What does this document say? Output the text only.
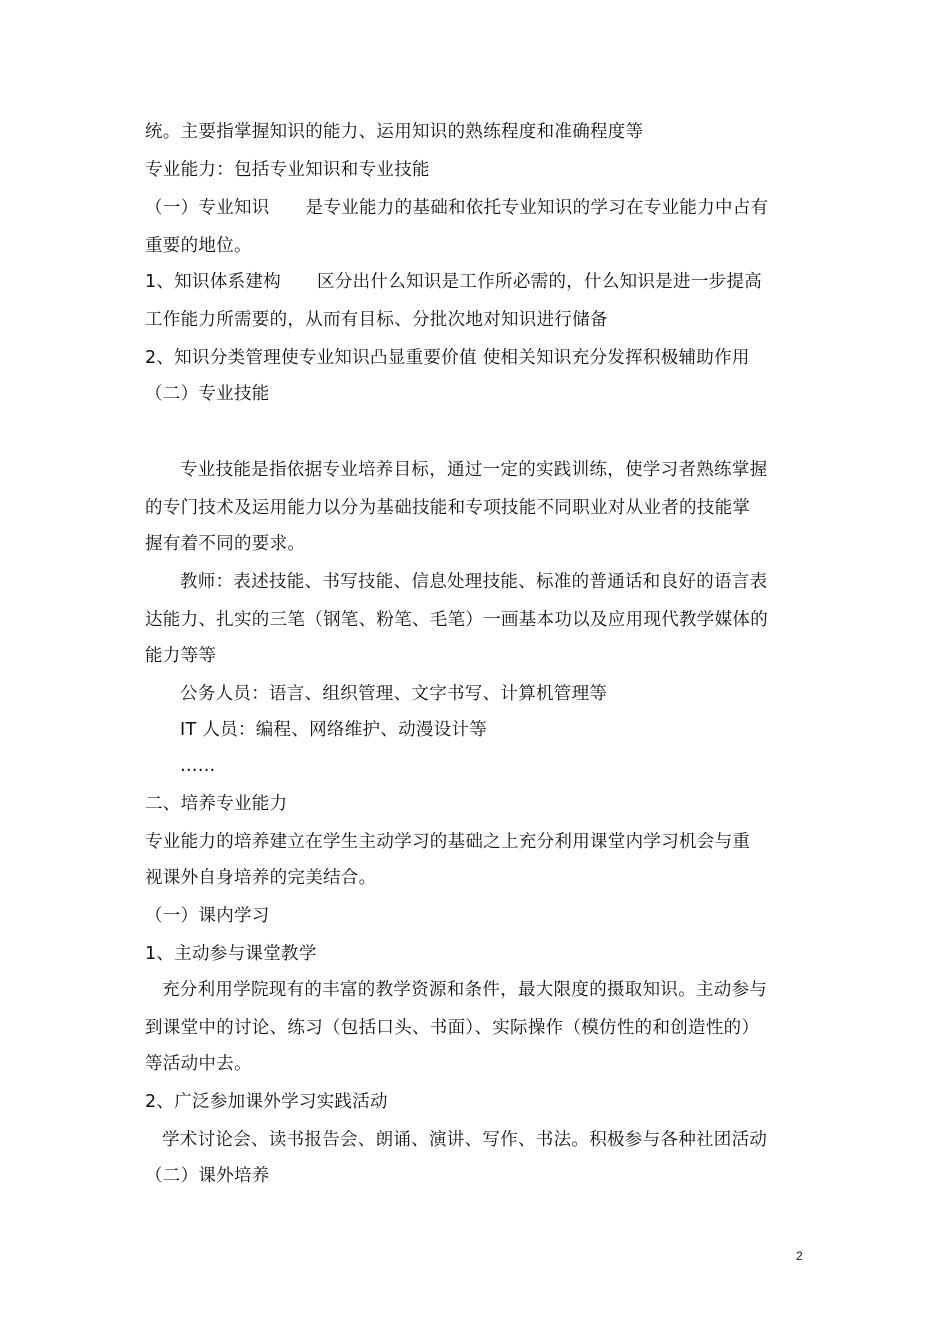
统。主要指掌握知识的能力、运用知识的熟练程度和准确程度等
专业能力：包括专业知识和专业技能
（一）专业知识 是专业能力的基础和依托专业知识的学习在专业能力中占有
重要的地位。
1、知识体系建构 区分出什么知识是工作所必需的，什么知识是进一步提高
工作能力所需要的，从而有目标、分批次地对知识进行储备
2、知识分类管理使专业知识凸显重要价值 使相关知识充分发挥积极辅助作用
（二）专业技能
专业技能是指依据专业培养目标，通过一定的实践训练，使学习者熟练掌握
的专门技术及运用能力以分为基础技能和专项技能不同职业对从业者的技能掌
握有着不同的要求。
教师：表述技能、书写技能、信息处理技能、标准的普通话和良好的语言表
达能力、扎实的三笔（钢笔、粉笔、毛笔）一画基本功以及应用现代教学媒体的
能力等等
公务人员：语言、组织管理、文字书写、计算机管理等
IT 人员：编程、网络维护、动漫设计等
……
二、培养专业能力
专业能力的培养建立在学生主动学习的基础之上充分利用课堂内学习机会与重
视课外自身培养的完美结合。
（一）课内学习
1、主动参与课堂教学
充分利用学院现有的丰富的教学资源和条件，最大限度的摄取知识。主动参与
到课堂中的讨论、练习（包括口头、书面）、实际操作（模仿性的和创造性的）
等活动中去。
2、广泛参加课外学习实践活动
学术讨论会、读书报告会、朗诵、演讲、写作、书法。积极参与各种社团活动
（二）课外培养
2
